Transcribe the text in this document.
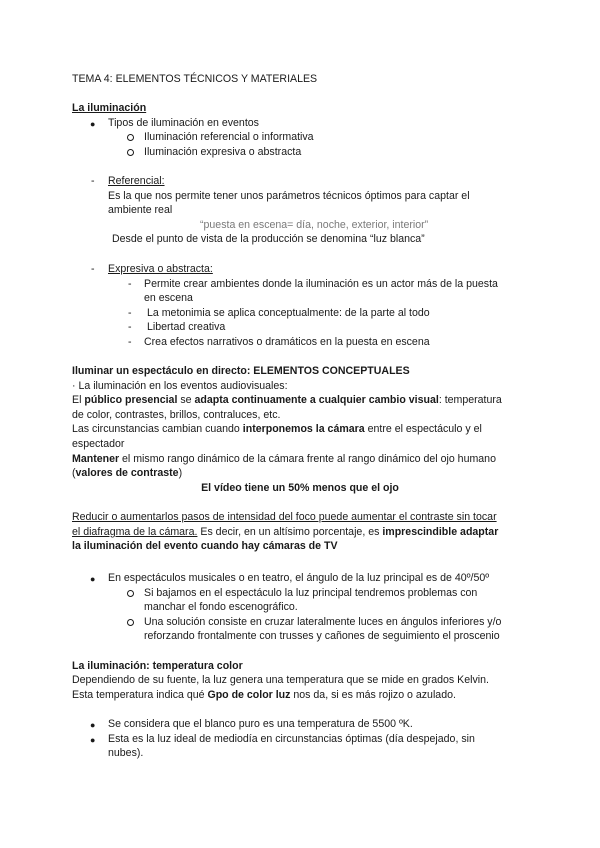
TEMA 4: ELEMENTOS TÉCNICOS Y MATERIALES
La iluminación
● Tipos de iluminación en eventos
Iluminación referencial o informativa
Iluminación expresiva o abstracta
- Referencial:
Es la que nos permite tener unos parámetros técnicos óptimos para captar el
ambiente real
“puesta en escena= día, noche, exterior, interior”
Desde el punto de vista de la producción se denomina “luz blanca”
- Expresiva o abstracta:
- Permite crear ambientes donde la iluminación es un actor más de la puesta
en escena
- La metonimia se aplica conceptualmente: de la parte al todo
- Libertad creativa
- Crea efectos narrativos o dramáticos en la puesta en escena
Iluminar un espectáculo en directo: ELEMENTOS CONCEPTUALES
· La iluminación en los eventos audiovisuales:
El público presencial se adapta continuamente a cualquier cambio visual: temperatura
de color, contrastes, brillos, contraluces, etc.
Las circunstancias cambian cuando interponemos la cámara entre el espectáculo y el
espectador
Mantener el mismo rango dinámico de la cámara frente al rango dinámico del ojo humano
(valores de contraste)
El vídeo tiene un 50% menos que el ojo
Reducir o aumentarlos pasos de intensidad del foco puede aumentar el contraste sin tocar
el diafragma de la cámara. Es decir, en un altísimo porcentaje, es imprescindible adaptar
la iluminación del evento cuando hay cámaras de TV
● En espectáculos musicales o en teatro, el ángulo de la luz principal es de 40º/50º
Si bajamos en el espectáculo la luz principal tendremos problemas con
manchar el fondo escenográfico.
Una solución consiste en cruzar lateralmente luces en ángulos inferiores y/o
reforzando frontalmente con trusses y cañones de seguimiento el proscenio
La iluminación: temperatura color
Dependiendo de su fuente, la luz genera una temperatura que se mide en grados Kelvin.
Esta temperatura indica qué Gpo de color luz nos da, si es más rojizo o azulado.
● Se considera que el blanco puro es una temperatura de 5500 ºK.
● Esta es la luz ideal de mediodía en circunstancias óptimas (día despejado, sin
nubes).
